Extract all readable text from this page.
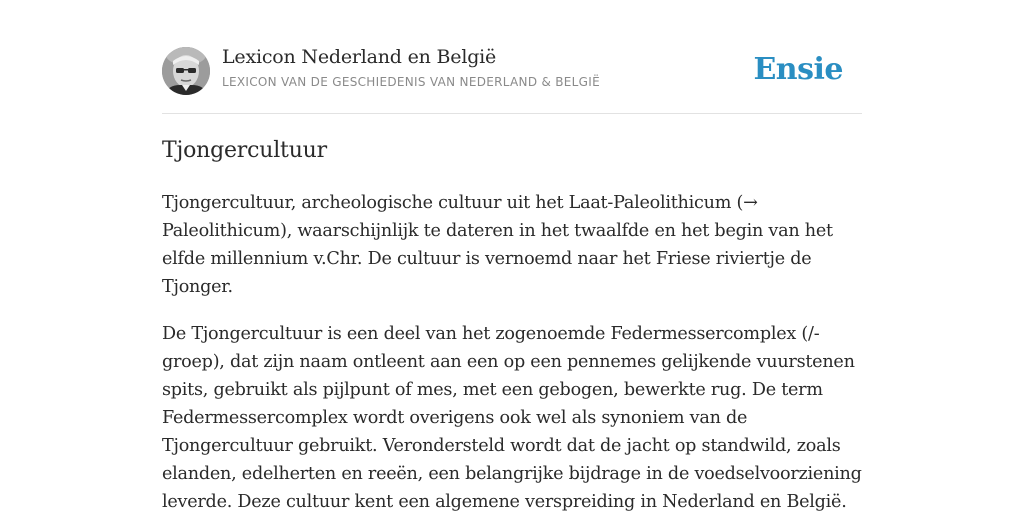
Lexicon Nederland en België
LEXICON VAN DE GESCHIEDENIS VAN NEDERLAND & BELGIË	Ensie
Tjongercultuur

Tjongercultuur, archeologische cultuur uit het Laat-Paleolithicum (→ Paleolithicum), waarschijnlijk te dateren in het twaalfde en het begin van het elfde millennium v.Chr. De cultuur is vernoemd naar het Friese riviertje de Tjonger.

De Tjongercultuur is een deel van het zogenoemde Federmessercomplex (/-groep), dat zijn naam ontleent aan een op een pennemes gelijkende vuurstenen spits, gebruikt als pijlpunt of mes, met een gebogen, bewerkte rug. De term Federmessercomplex wordt overigens ook wel als synoniem van de Tjongercultuur gebruikt. Verondersteld wordt dat de jacht op standwild, zoals elanden, edelherten en reeën, een belangrijke bijdrage in de voedselvoorziening leverde. Deze cultuur kent een algemene verspreiding in Nederland en België.
